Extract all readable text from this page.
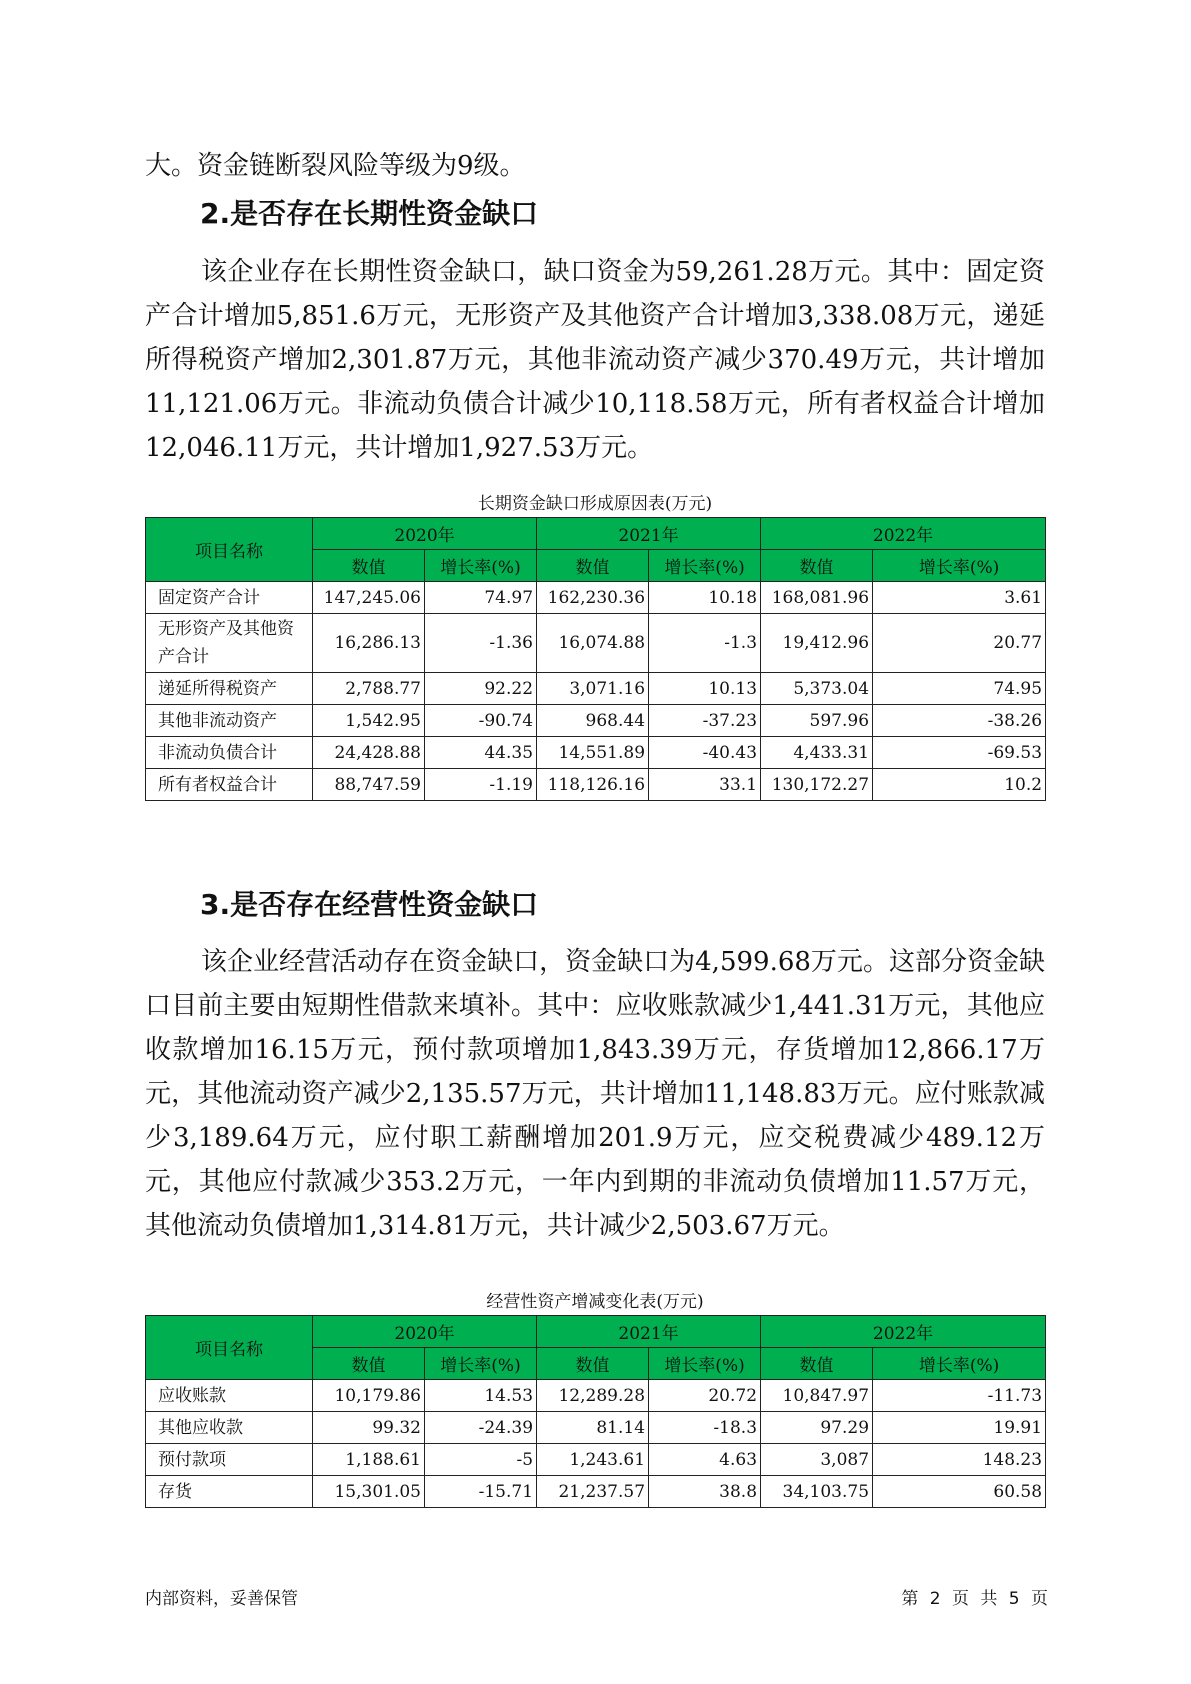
大。资金链断裂风险等级为9级。

2.是否存在长期性资金缺口

该企业存在长期性资金缺口，缺口资金为59,261.28万元。其中：固定资产合计增加5,851.6万元，无形资产及其他资产合计增加3,338.08万元，递延所得税资产增加2,301.87万元，其他非流动资产减少370.49万元，共计增加11,121.06万元。非流动负债合计减少10,118.58万元，所有者权益合计增加12,046.11万元，共计增加1,927.53万元。

长期资金缺口形成原因表(万元)

项目名称	2020年		2021年		2022年	
	数值	增长率(%)	数值	增长率(%)	数值	增长率(%)
固定资产合计	147,245.06	74.97	162,230.36	10.18	168,081.96	3.61
无形资产及其他资产合计	16,286.13	-1.36	16,074.88	-1.3	19,412.96	20.77
递延所得税资产	2,788.77	92.22	3,071.16	10.13	5,373.04	74.95
其他非流动资产	1,542.95	-90.74	968.44	-37.23	597.96	-38.26
非流动负债合计	24,428.88	44.35	14,551.89	-40.43	4,433.31	-69.53
所有者权益合计	88,747.59	-1.19	118,126.16	33.1	130,172.27	10.2
3.是否存在经营性资金缺口

该企业经营活动存在资金缺口，资金缺口为4,599.68万元。这部分资金缺口目前主要由短期性借款来填补。其中：应收账款减少1,441.31万元，其他应收款增加16.15万元，预付款项增加1,843.39万元，存货增加12,866.17万元，其他流动资产减少2,135.57万元，共计增加11,148.83万元。应付账款减少3,189.64万元，应付职工薪酬增加201.9万元，应交税费减少489.12万元，其他应付款减少353.2万元，一年内到期的非流动负债增加11.57万元，其他流动负债增加1,314.81万元，共计减少2,503.67万元。

经营性资产增减变化表(万元)

项目名称	2020年		2021年		2022年	
	数值	增长率(%)	数值	增长率(%)	数值	增长率(%)
应收账款	10,179.86	14.53	12,289.28	20.72	10,847.97	-11.73
其他应收款	99.32	-24.39	81.14	-18.3	97.29	19.91
预付款项	1,188.61	-5	1,243.61	4.63	3,087	148.23
存货	15,301.05	-15.71	21,237.57	38.8	34,103.75	60.58
内部资料，妥善保管	第 2 页 共 5 页
